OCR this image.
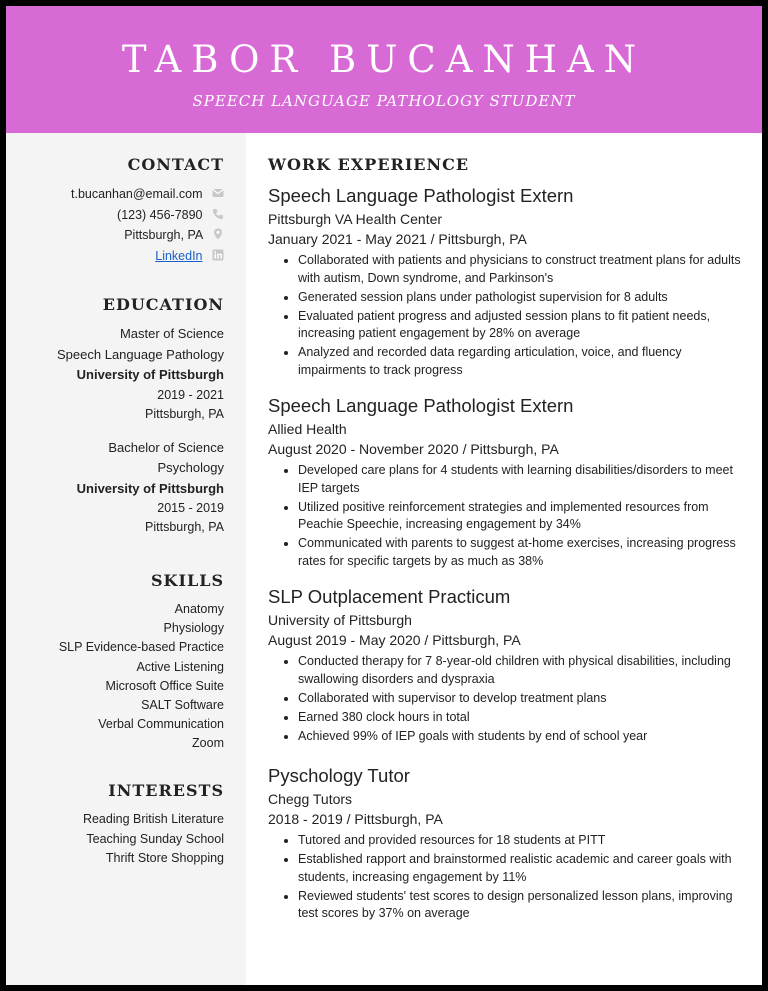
TABOR BUCANHAN
SPEECH LANGUAGE PATHOLOGY STUDENT
CONTACT
t.bucanhan@email.com
(123) 456-7890
Pittsburgh, PA
LinkedIn
EDUCATION
Master of Science
Speech Language Pathology
University of Pittsburgh
2019 - 2021
Pittsburgh, PA
Bachelor of Science
Psychology
University of Pittsburgh
2015 - 2019
Pittsburgh, PA
SKILLS
Anatomy
Physiology
SLP Evidence-based Practice
Active Listening
Microsoft Office Suite
SALT Software
Verbal Communication
Zoom
INTERESTS
Reading British Literature
Teaching Sunday School
Thrift Store Shopping
WORK EXPERIENCE
Speech Language Pathologist Extern
Pittsburgh VA Health Center
January 2021 - May 2021 / Pittsburgh, PA
• Collaborated with patients and physicians to construct treatment plans for adults with autism, Down syndrome, and Parkinson's
• Generated session plans under pathologist supervision for 8 adults
• Evaluated patient progress and adjusted session plans to fit patient needs, increasing patient engagement by 28% on average
• Analyzed and recorded data regarding articulation, voice, and fluency impairments to track progress
Speech Language Pathologist Extern
Allied Health
August 2020 - November 2020 / Pittsburgh, PA
• Developed care plans for 4 students with learning disabilities/disorders to meet IEP targets
• Utilized positive reinforcement strategies and implemented resources from Peachie Speechie, increasing engagement by 34%
• Communicated with parents to suggest at-home exercises, increasing progress rates for specific targets by as much as 38%
SLP Outplacement Practicum
University of Pittsburgh
August 2019 - May 2020 / Pittsburgh, PA
• Conducted therapy for 7 8-year-old children with physical disabilities, including swallowing disorders and dyspraxia
• Collaborated with supervisor to develop treatment plans
• Earned 380 clock hours in total
• Achieved 99% of IEP goals with students by end of school year
Pyschology Tutor
Chegg Tutors
2018 - 2019 / Pittsburgh, PA
• Tutored and provided resources for 18 students at PITT
• Established rapport and brainstormed realistic academic and career goals with students, increasing engagement by 11%
• Reviewed students' test scores to design personalized lesson plans, improving test scores by 37% on average
